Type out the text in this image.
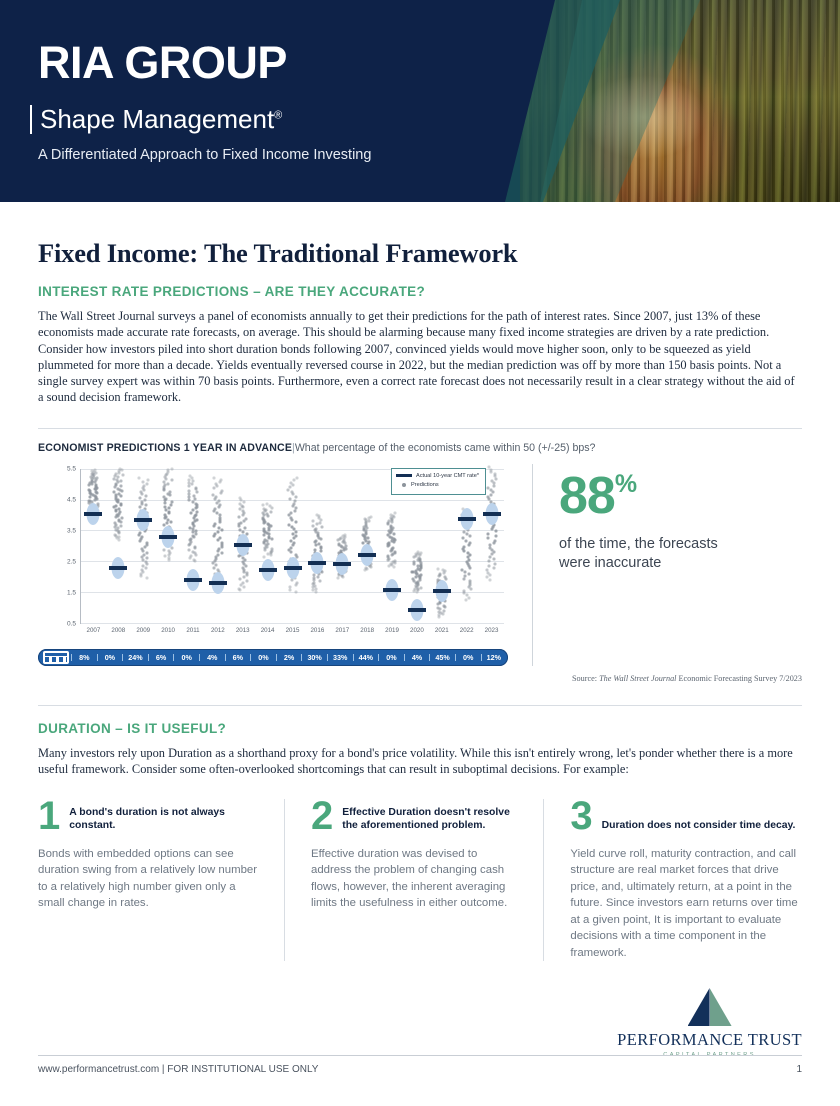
RIA GROUP
Shape Management®
A Differentiated Approach to Fixed Income Investing
Fixed Income: The Traditional Framework
INTEREST RATE PREDICTIONS – ARE THEY ACCURATE?
The Wall Street Journal surveys a panel of economists annually to get their predictions for the path of interest rates. Since 2007, just 13% of these economists made accurate rate forecasts, on average. This should be alarming because many fixed income strategies are driven by a rate prediction. Consider how investors piled into short duration bonds following 2007, convinced yields would move higher soon, only to be squeezed as yield plummeted for more than a decade. Yields eventually reversed course in 2022, but the median prediction was off by more than 150 basis points. Not a single survey expert was within 70 basis points. Furthermore, even a correct rate forecast does not necessarily result in a clear strategy without the aid of a sound decision framework.
ECONOMIST PREDICTIONS 1 YEAR IN ADVANCE|What percentage of the economists came within 50 (+/-25) bps?
0.5
1.5
2.5
3.5
4.5
5.5
2007 2008 2009 2010 2011 2012 2013 2014 2015 2016 2017 2018 2019 2020 2021 2022 2023
Actual 10-year CMT rate*
Predictions
8%	0%	24%	6%	0%	4%	6%	0%	2%	30%	33%	44%	0%	4%	45%	0%	12%
88%
of the time, the forecasts
were inaccurate
Source: The Wall Street Journal Economic Forecasting Survey 7/2023
DURATION – IS IT USEFUL?
Many investors rely upon Duration as a shorthand proxy for a bond's price volatility. While this isn't entirely wrong, let's ponder whether there is a more useful framework. Consider some often-overlooked shortcomings that can result in suboptimal decisions. For example:
1 A bond's duration is not always constant.
Bonds with embedded options can see duration swing from a relatively low number to a relatively high number given only a small change in rates.
2 Effective Duration doesn't resolve the aforementioned problem.
Effective duration was devised to address the problem of changing cash flows, however, the inherent averaging limits the usefulness in either outcome.
3 Duration does not consider time decay.
Yield curve roll, maturity contraction, and call structure are real market forces that drive price, and, ultimately return, at a point in the future. Since investors earn returns over time at a given point, It is important to evaluate decisions with a time component in the framework.
PERFORMANCE TRUST
CAPITAL PARTNERS
www.performancetrust.com | FOR INSTITUTIONAL USE ONLY	1
